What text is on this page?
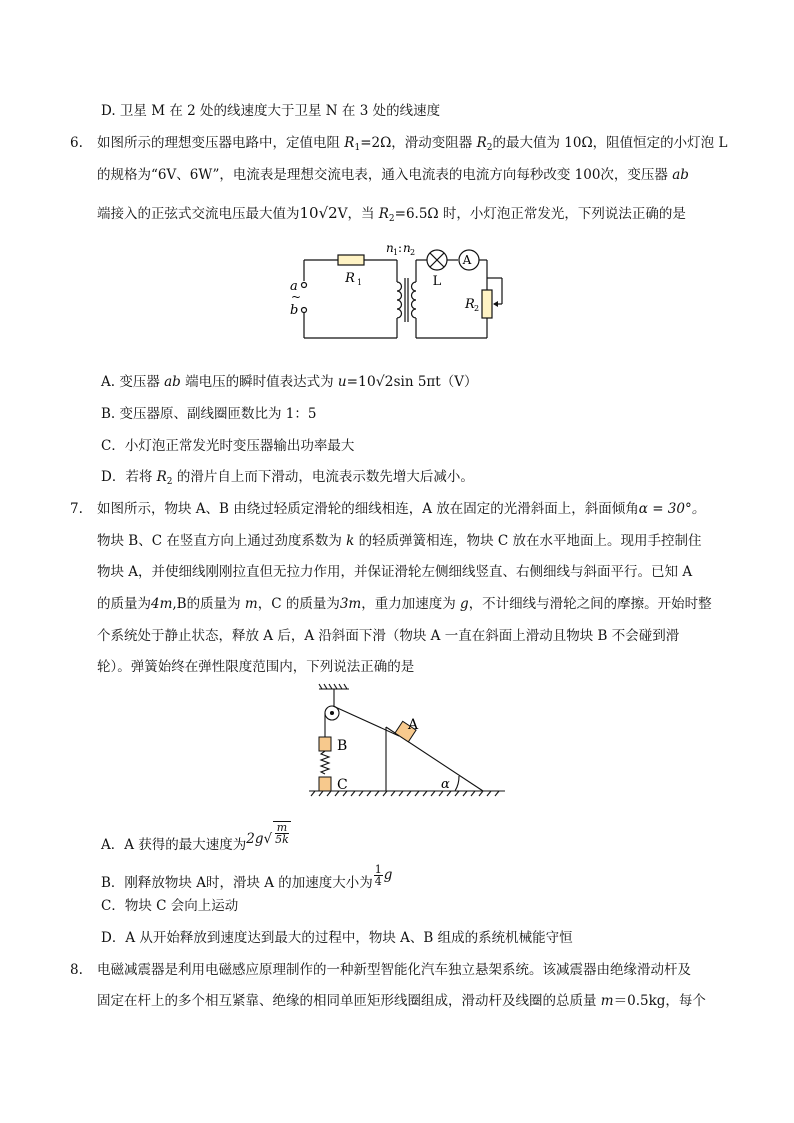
D. 卫星 M 在 2 处的线速度大于卫星 N 在 3 处的线速度
6. 如图所示的理想变压器电路中，定值电阻 $R_1=2\Omega$，滑动变阻器 $R_2$的最大值为 10Ω，阻值恒定的小灯泡 L
的规格为“6V、6W”，电流表是理想交流电表，通入电流表的电流方向每秒改变 100次，变压器 ab
端接入的正弦式交流电压最大值为10√2V，当 $R_2=6.5\Omega$ 时，小灯泡正常发光，下列说法正确的是
A
R 1	L
R 2
n 1 : n 2
a
~
b
A. 变压器 ab 端电压的瞬时值表达式为 u=10√2sin 5πt（V）
B. 变压器原、副线圈匝数比为 1：5
C．小灯泡正常发光时变压器输出功率最大
D．若将 $R_2$ 的滑片自上而下滑动，电流表示数先增大后减小。
7. 如图所示，物块 A、B 由绕过轻质定滑轮的细线相连，A 放在固定的光滑斜面上，斜面倾角α = 30°。
物块 B、C 在竖直方向上通过劲度系数为 k 的轻质弹簧相连，物块 C 放在水平地面上。现用手控制住
物块 A，并使细线刚刚拉直但无拉力作用，并保证滑轮左侧细线竖直、右侧细线与斜面平行。已知 A
的质量为4m,B的质量为 m，C 的质量为3m，重力加速度为 g，不计细线与滑轮之间的摩擦。开始时整
个系统处于静止状态，释放 A 后，A 沿斜面下滑（物块 A 一直在斜面上滑动且物块 B 不会碰到滑
轮）。弹簧始终在弹性限度范围内，下列说法正确的是
B
C
A
α
A．A 获得的最大速度为$2g√ \frac{m}{5k}$
B．刚释放物块 A时，滑块 A 的加速度大小为 $\frac{1}{4}$ g
C．物块 C 会向上运动
D．A 从开始释放到速度达到最大的过程中，物块 A、B 组成的系统机械能守恒
8. 电磁减震器是利用电磁感应原理制作的一种新型智能化汽车独立悬架系统。该减震器由绝缘滑动杆及
固定在杆上的多个相互紧靠、绝缘的相同单匝矩形线圈组成，滑动杆及线圈的总质量 m＝0.5kg，每个
